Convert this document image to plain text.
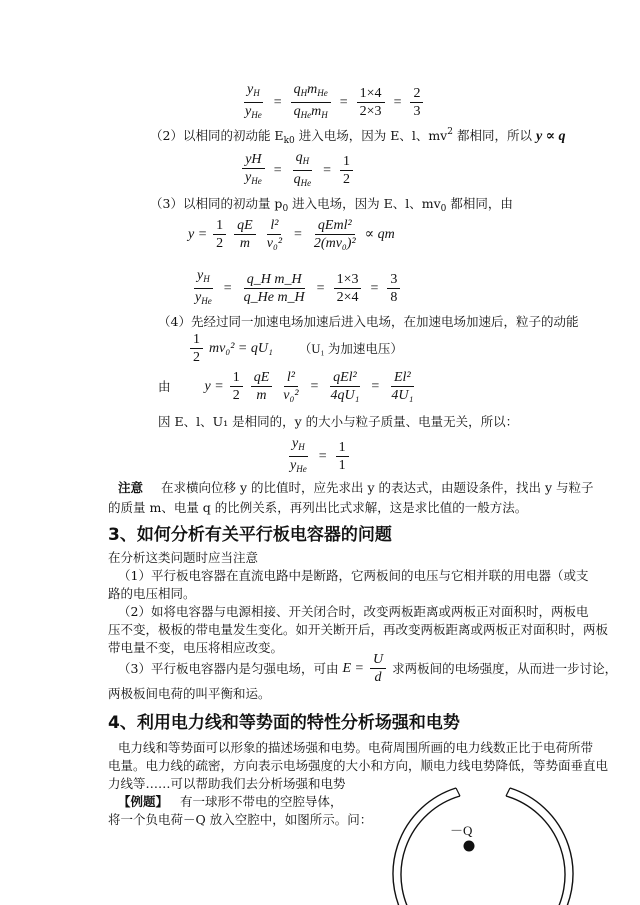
$\frac{y_H}{y_{He}} = \frac{q_Hm_{He}}{q_{He}m_H} = \frac{1\times 4}{2\times 3} = \frac{2}{3}$
（2）以相同的初动能 $E_{k0}$ 进入电场，因为 E、l、$mv^2$ 都相同，所以 y ∝ q
$\frac{yH}{y_{He}} = \frac{q_H}{q_{He}} = \frac{1}{2}$
（3）以相同的初动量 $p_0$ 进入电场，因为 E、l、$mv_0$ 都相同，由
$y = \frac{1}{2} \frac{qE}{m} \frac{\text{l²}}{\text{v₀²}} = \frac{\text{qEml²}}{\text{2(mv₀)²}}$ ∝ qm
$\frac{y_H}{y_{He}} = \frac{\text{q\_H m\_H}}{\text{q\_He m\_H}} = \frac{1\times 3}{2\times 4} = \frac{3}{8}$
（4）先经过同一加速电场加速后进入电场，在加速电场加速后，粒子的动能
$\frac{1}{2} mv_0^2 = qU_1$ （U₁ 为加速电压）
由 $y = \frac{1}{2} \frac{qE}{m} \frac{\text{l²}}{\text{v₀²}} = \frac{\text{qEl²}}{\text{4qU₁}} = \frac{\text{El²}}{\text{4U₁}}$
因 E、l、U₁ 是相同的，y 的大小与粒子质量、电量无关，所以：
$\frac{y_H}{y_{He}} = \frac{1}{1}$
注意 在求横向位移 y 的比值时，应先求出 y 的表达式，由题设条件，找出 y 与粒子
的质量 m、电量 q 的比例关系，再列出比式求解，这是求比值的一般方法。
3、如何分析有关平行板电容器的问题
在分析这类问题时应当注意
（1）平行板电容器在直流电路中是断路，它两板间的电压与它相并联的用电器（或支
路的电压相同。
（2）如将电容器与电源相接、开关闭合时，改变两板距离或两板正对面积时，两板电
压不变，极板的带电量发生变化。如开关断开后，再改变两板距离或两板正对面积时，两板
带电量不变，电压将相应改变。
（3）平行板电容器内是匀强电场，可由 $E = \frac{U}{d}$ 求两板间的电场强度，从而进一步讨论，
两极板间电荷的叫平衡和运。
4、利用电力线和等势面的特性分析场强和电势
电力线和等势面可以形象的描述场强和电势。电荷周围所画的电力线数正比于电荷所带
电量。电力线的疏密，方向表示电场强度的大小和方向，顺电力线电势降低，等势面垂直电
力线等……可以帮助我们去分析场强和电势
【例题】 有一球形不带电的空腔导体，
将一个负电荷－Q 放入空腔中，如图所示。问：
－Q
